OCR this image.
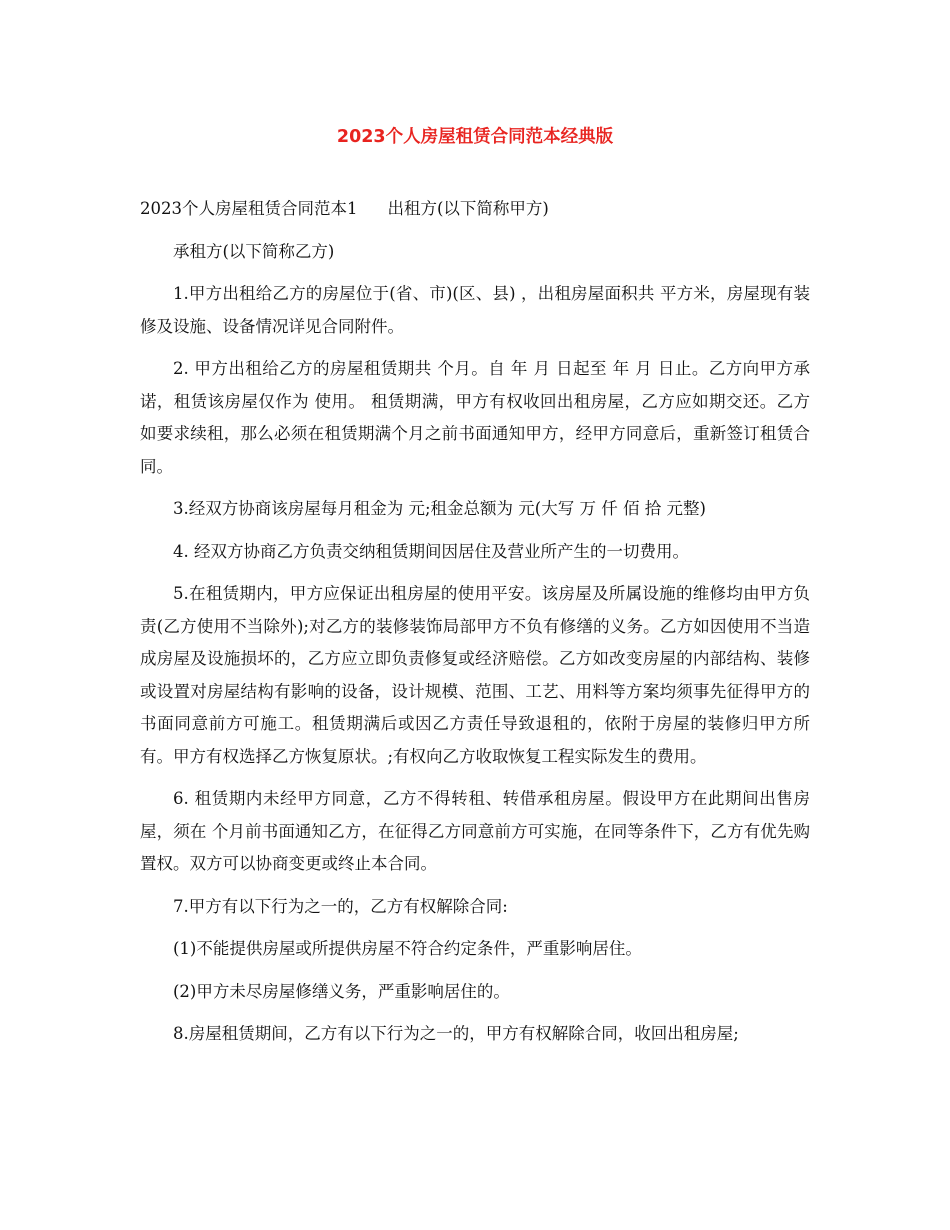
2023个人房屋租赁合同范本经典版

2023个人房屋租赁合同范本1 出租方(以下简称甲方)

承租方(以下简称乙方)

1.甲方出租给乙方的房屋位于(省、市)(区、县) ，出租房屋面积共 平方米，房屋现有装修及设施、设备情况详见合同附件。

2. 甲方出租给乙方的房屋租赁期共 个月。自 年 月 日起至 年 月 日止。乙方向甲方承诺，租赁该房屋仅作为 使用。 租赁期满，甲方有权收回出租房屋，乙方应如期交还。乙方如要求续租，那么必须在租赁期满个月之前书面通知甲方，经甲方同意后，重新签订租赁合同。

3.经双方协商该房屋每月租金为 元;租金总额为 元(大写 万 仟 佰 拾 元整)

4. 经双方协商乙方负责交纳租赁期间因居住及营业所产生的一切费用。

5.在租赁期内，甲方应保证出租房屋的使用平安。该房屋及所属设施的维修均由甲方负责(乙方使用不当除外);对乙方的装修装饰局部甲方不负有修缮的义务。乙方如因使用不当造成房屋及设施损坏的，乙方应立即负责修复或经济赔偿。乙方如改变房屋的内部结构、装修或设置对房屋结构有影响的设备，设计规模、范围、工艺、用料等方案均须事先征得甲方的书面同意前方可施工。租赁期满后或因乙方责任导致退租的，依附于房屋的装修归甲方所有。甲方有权选择乙方恢复原状。;有权向乙方收取恢复工程实际发生的费用。

6. 租赁期内未经甲方同意，乙方不得转租、转借承租房屋。假设甲方在此期间出售房屋，须在 个月前书面通知乙方，在征得乙方同意前方可实施，在同等条件下，乙方有优先购置权。双方可以协商变更或终止本合同。

7.甲方有以下行为之一的，乙方有权解除合同:

(1)不能提供房屋或所提供房屋不符合约定条件，严重影响居住。

(2)甲方未尽房屋修缮义务，严重影响居住的。

8.房屋租赁期间，乙方有以下行为之一的，甲方有权解除合同，收回出租房屋;
